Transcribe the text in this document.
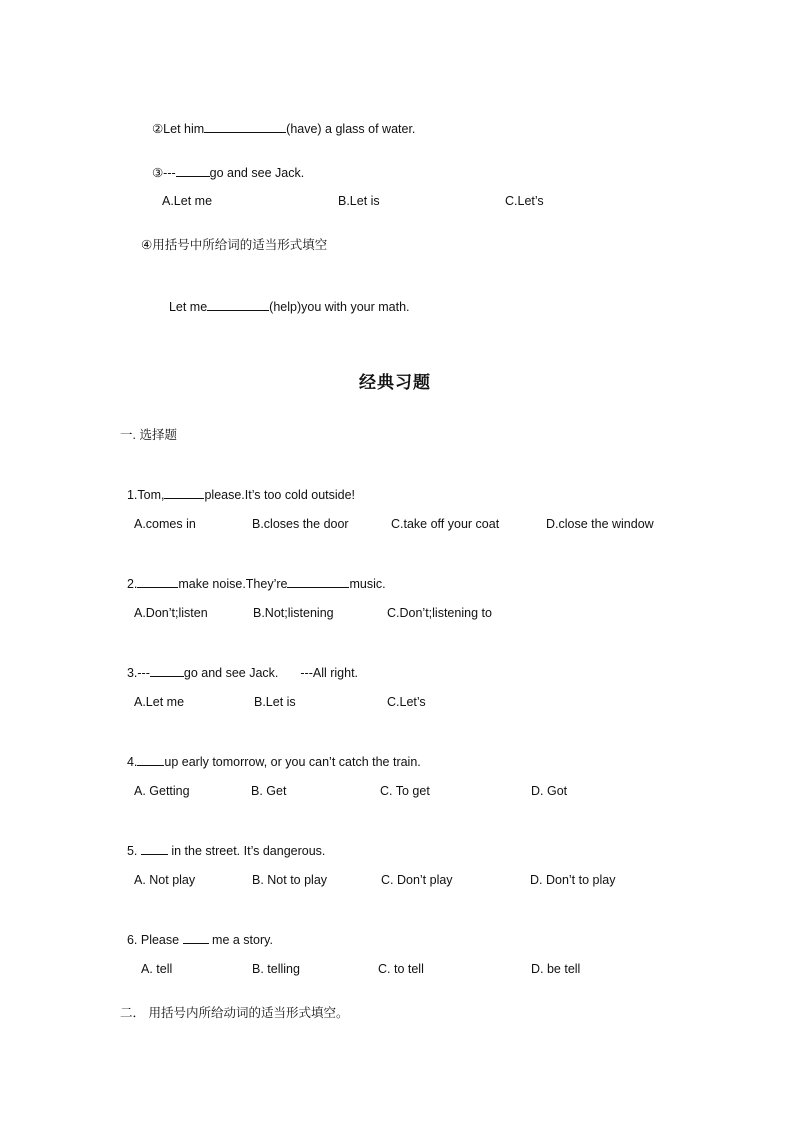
②Let him	(have) a glass of water.

③---	go and see Jack.

A.Let me	B.Let is	C.Let’s
④用括号中所给词的适当形式填空

Let me	(help)you with your math.

经典习题
一. 选择题

1.Tom,	please.It’s too cold outside!

A.comes in	B.closes the door	C.take off your coat	D.close the window

2.	make noise.They’re	music.

A.Don’t;listen	B.Not;listening	C.Don’t;listening to

3.---	go and see Jack. ---All right.

A.Let me	B.Let is	C.Let’s

4. up early tomorrow, or you can’t catch the train.

A. Getting	B. Get	C. To get	D. Got

5.	in the street. It’s dangerous.

A. Not play	B. Not to play	C. Don’t play	D. Don’t to play

6. Please	me a story.

A. tell	B. telling	C. to tell	D. be tell
二． 用括号内所给动词的适当形式填空。
